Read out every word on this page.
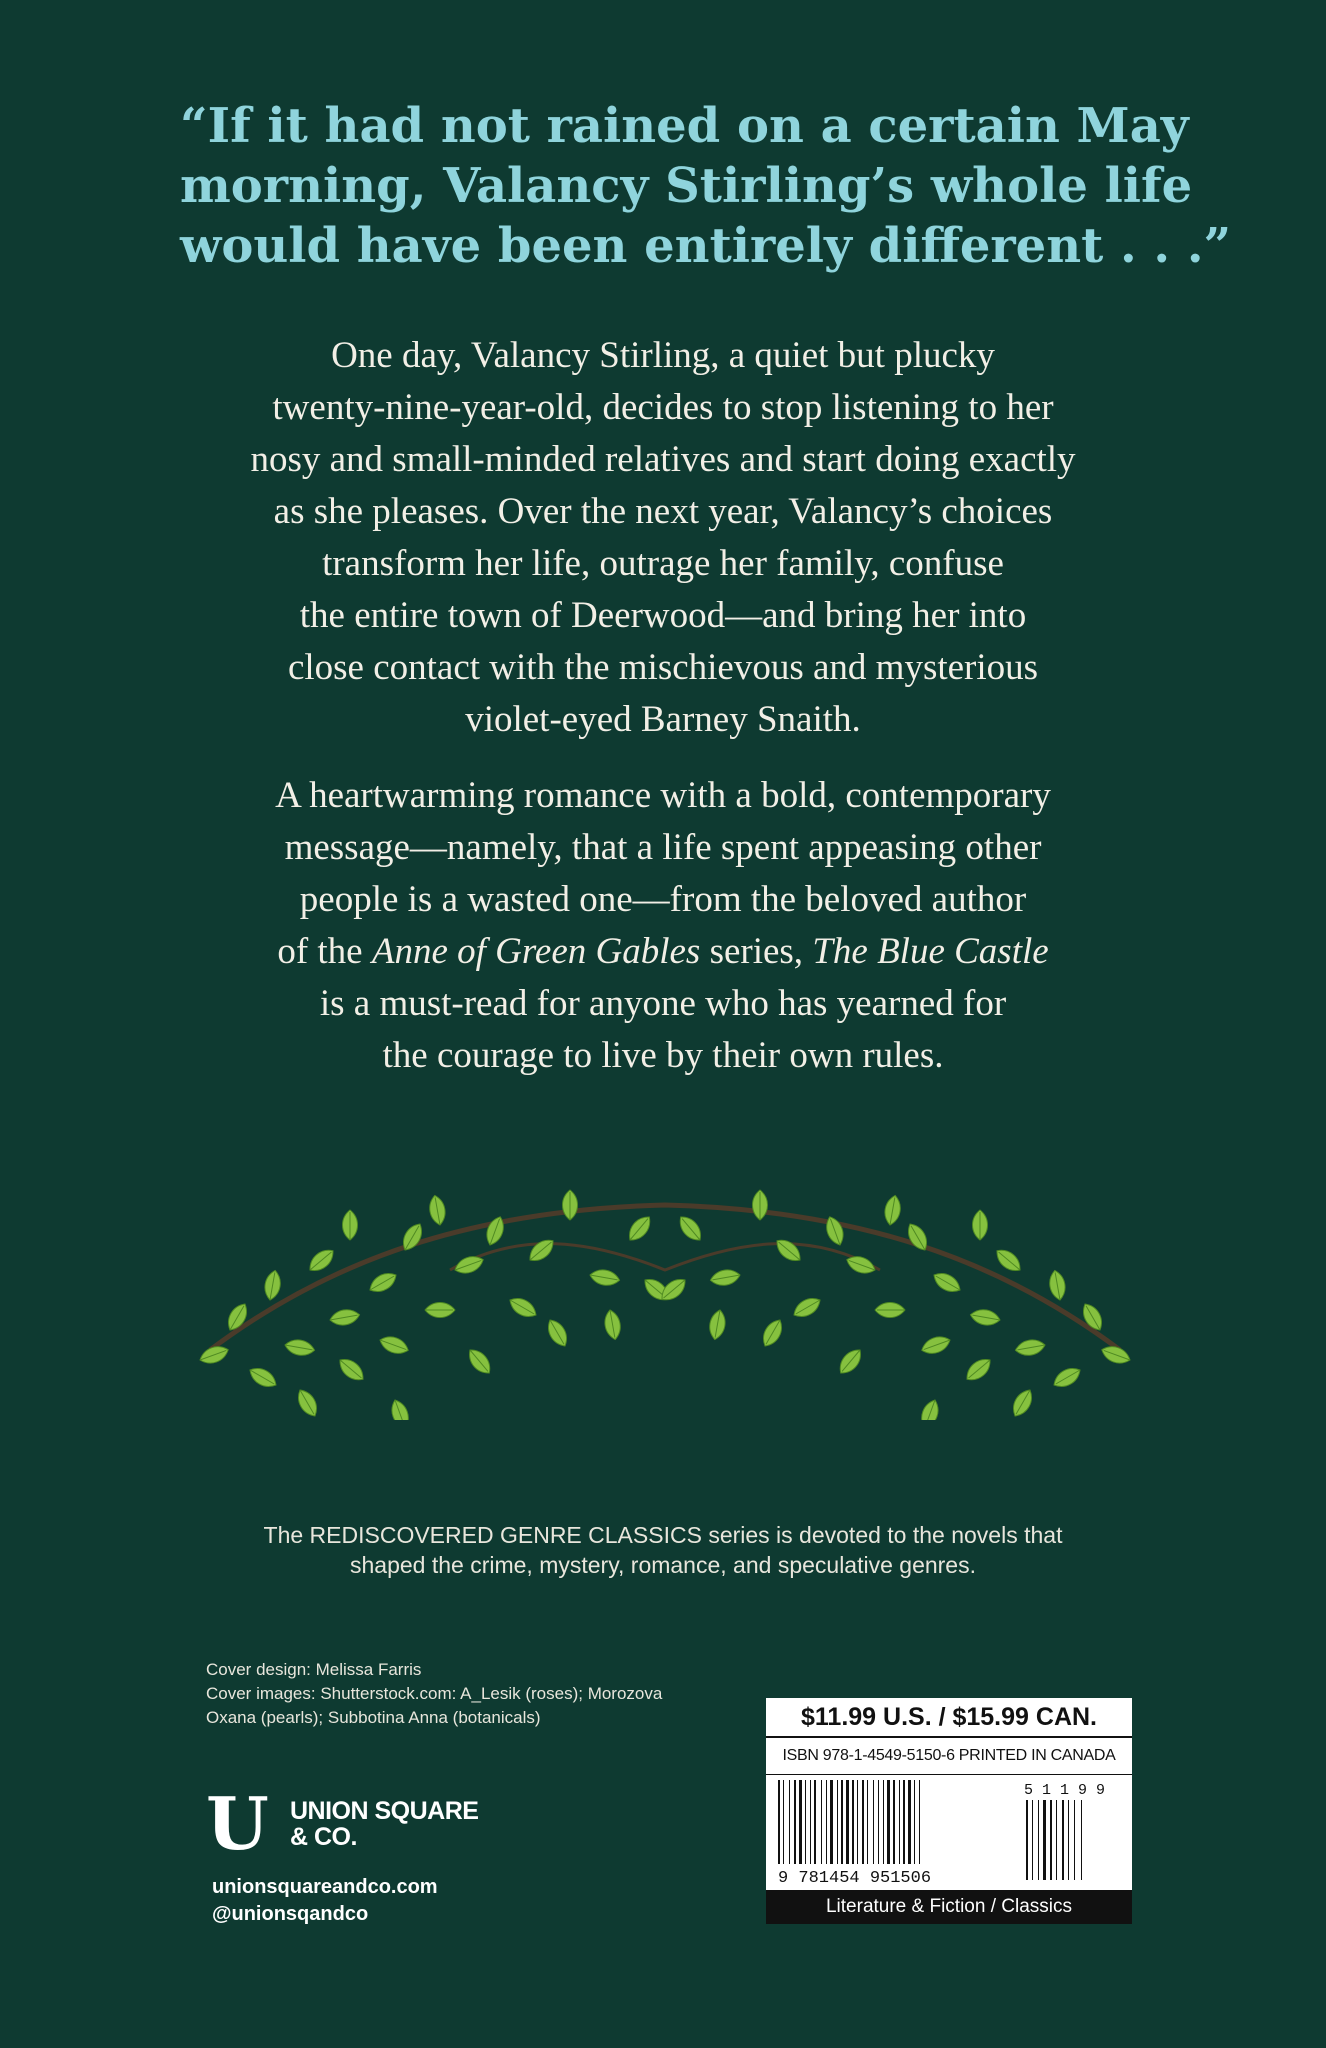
“If it had not rained on a certain May
morning, Valancy Stirling’s whole life
would have been entirely different . . .”
One day, Valancy Stirling, a quiet but plucky
twenty-nine-year-old, decides to stop listening to her
nosy and small-minded relatives and start doing exactly
as she pleases. Over the next year, Valancy’s choices
transform her life, outrage her family, confuse
the entire town of Deerwood—and bring her into
close contact with the mischievous and mysterious
violet-eyed Barney Snaith.
A heartwarming romance with a bold, contemporary
message—namely, that a life spent appeasing other
people is a wasted one—from the beloved author
of the Anne of Green Gables series, The Blue Castle
is a must-read for anyone who has yearned for
the courage to live by their own rules.
The REDISCOVERED GENRE CLASSICS series is devoted to the novels that
shaped the crime, mystery, romance, and speculative genres.
Cover design: Melissa Farris
Cover images: Shutterstock.com: A_Lesik (roses); Morozova
Oxana (pearls); Subbotina Anna (botanicals)
U UNION SQUARE
& CO.
unionsquareandco.com
@unionsqandco
$11.99 U.S. / $15.99 CAN.
ISBN 978-1-4549-5150-6 PRINTED IN CANADA
9 781454 951506
5 1 1 9 9
Literature & Fiction / Classics
